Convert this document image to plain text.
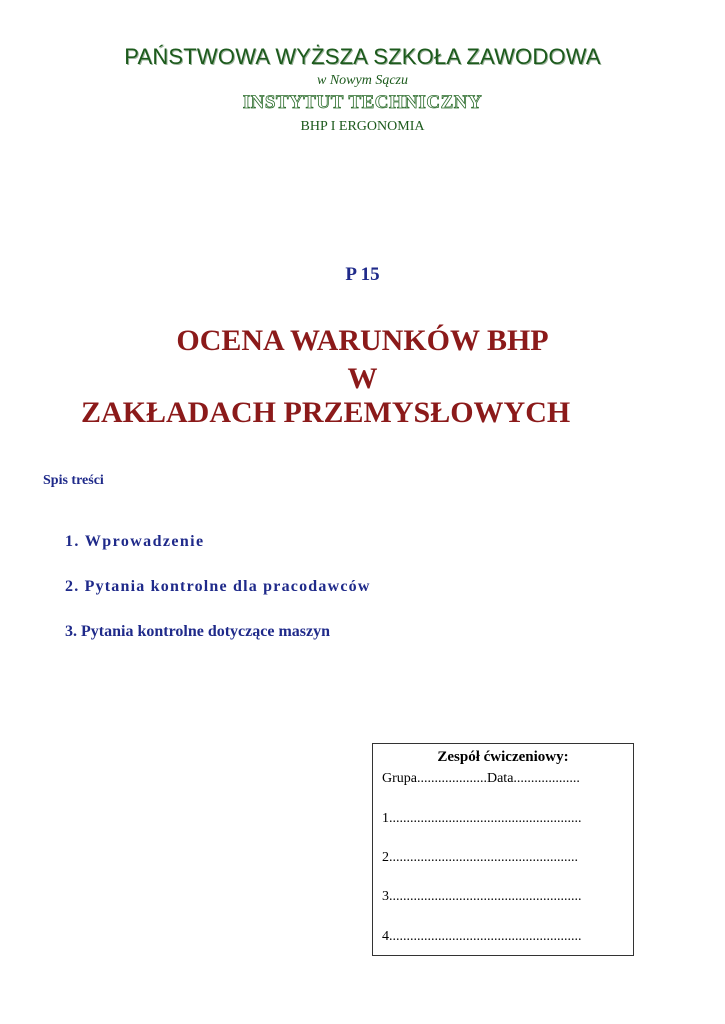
PAŃSTWOWA WYŻSZA SZKOŁA ZAWODOWA
w Nowym Sączu
INSTYTUT TECHNICZNY
BHP I ERGONOMIA
P 15
OCENA WARUNKÓW BHP
W
ZAKŁADACH PRZEMYSŁOWYCH
Spis treści
1. Wprowadzenie
2. Pytania kontrolne dla pracodawców
3. Pytania kontrolne dotyczące maszyn
Zespół ćwiczeniowy:
Grupa....................Data...................
1.......................................................
2......................................................
3.......................................................
4.......................................................
